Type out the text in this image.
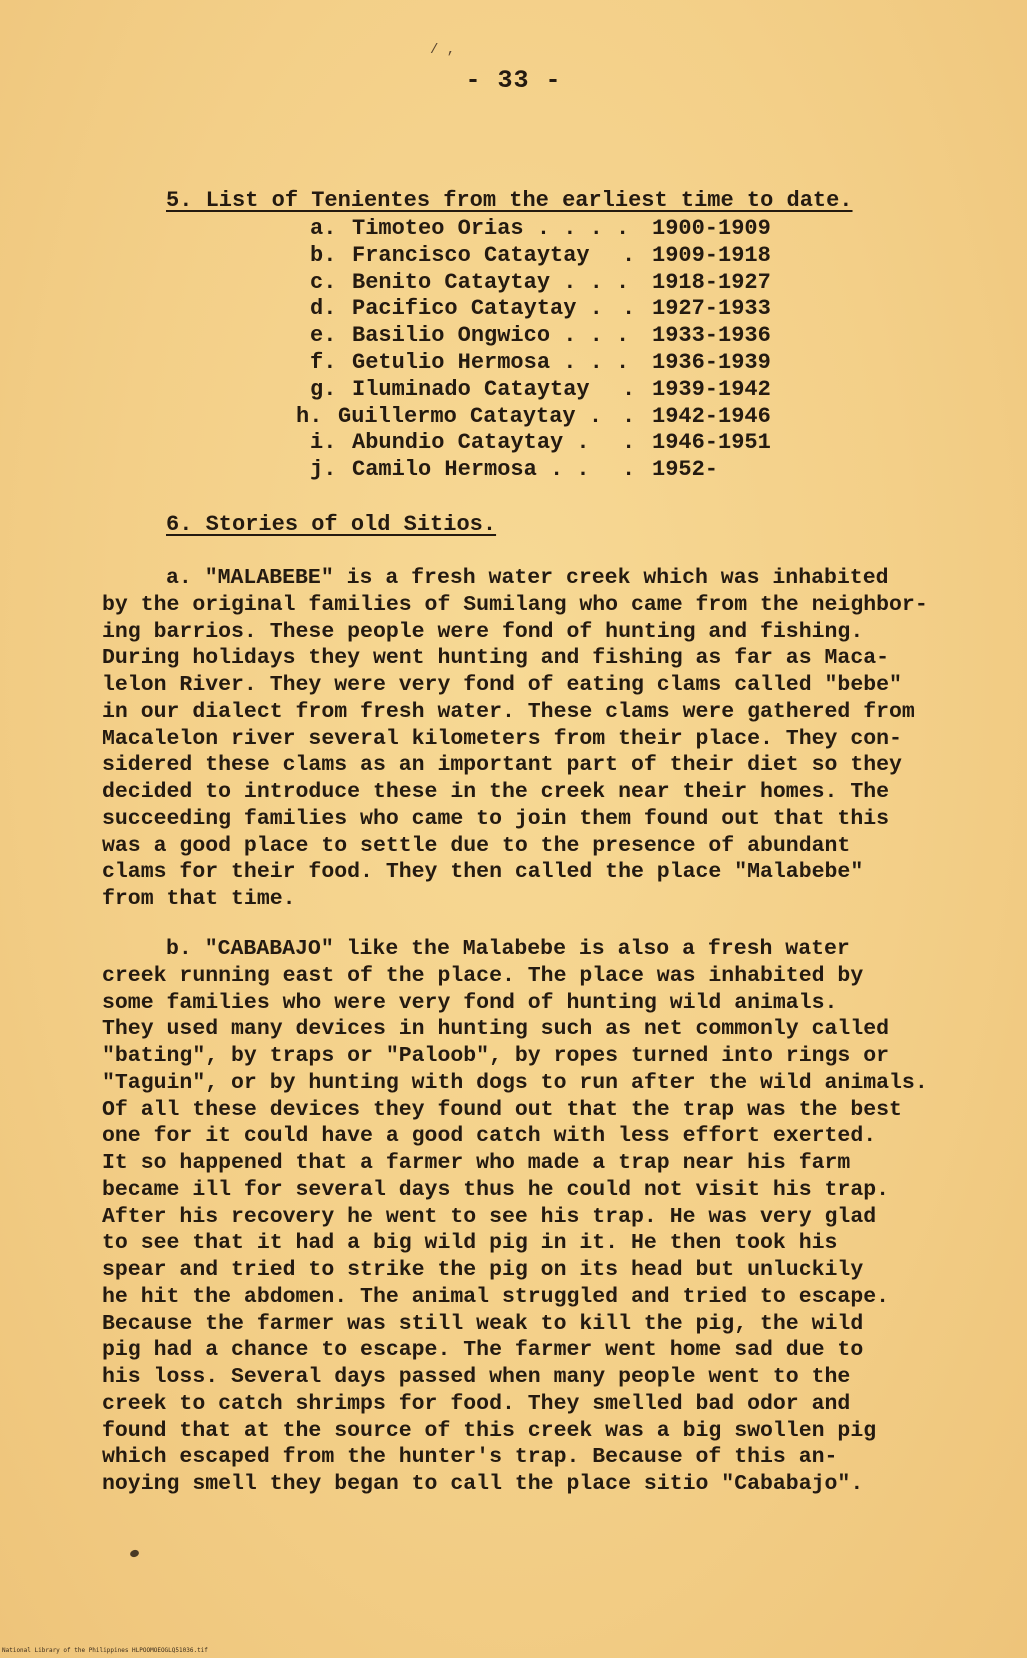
/ ,
- 33 -
5. List of Tenientes from the earliest time to date.
a. Timoteo Orias . . . . 1900-1909
b. Francisco Cataytay	. 1909-1918
c. Benito Cataytay . . . 1918-1927
d. Pacifico Cataytay . . 1927-1933
e. Basilio Ongwico . . . 1933-1936
f. Getulio Hermosa . . . 1936-1939
g. Iluminado Cataytay	. 1939-1942
h. Guillermo Cataytay . . 1942-1946
i. Abundio Cataytay .	. 1946-1951
j. Camilo Hermosa . .	. 1952-
6. Stories of old Sitios.
a. "MALABEBE" is a fresh water creek which was inhabited
by the original families of Sumilang who came from the neighbor-
ing barrios. These people were fond of hunting and fishing.
During holidays they went hunting and fishing as far as Maca-
lelon River. They were very fond of eating clams called "bebe"
in our dialect from fresh water. These clams were gathered from
Macalelon river several kilometers from their place. They con-
sidered these clams as an important part of their diet so they
decided to introduce these in the creek near their homes. The
succeeding families who came to join them found out that this
was a good place to settle due to the presence of abundant
clams for their food. They then called the place "Malabebe"
from that time.
b. "CABABAJO" like the Malabebe is also a fresh water
creek running east of the place. The place was inhabited by
some families who were very fond of hunting wild animals.
They used many devices in hunting such as net commonly called
"bating", by traps or "Paloob", by ropes turned into rings or
"Taguin", or by hunting with dogs to run after the wild animals.
Of all these devices they found out that the trap was the best
one for it could have a good catch with less effort exerted.
It so happened that a farmer who made a trap near his farm
became ill for several days thus he could not visit his trap.
After his recovery he went to see his trap. He was very glad
to see that it had a big wild pig in it. He then took his
spear and tried to strike the pig on its head but unluckily
he hit the abdomen. The animal struggled and tried to escape.
Because the farmer was still weak to kill the pig, the wild
pig had a chance to escape. The farmer went home sad due to
his loss. Several days passed when many people went to the
creek to catch shrimps for food. They smelled bad odor and
found that at the source of this creek was a big swollen pig
which escaped from the hunter's trap. Because of this an-
noying smell they began to call the place sitio "Cababajo".
National Library of the Philippines HLPOOMOEOGLQ51036.tif
